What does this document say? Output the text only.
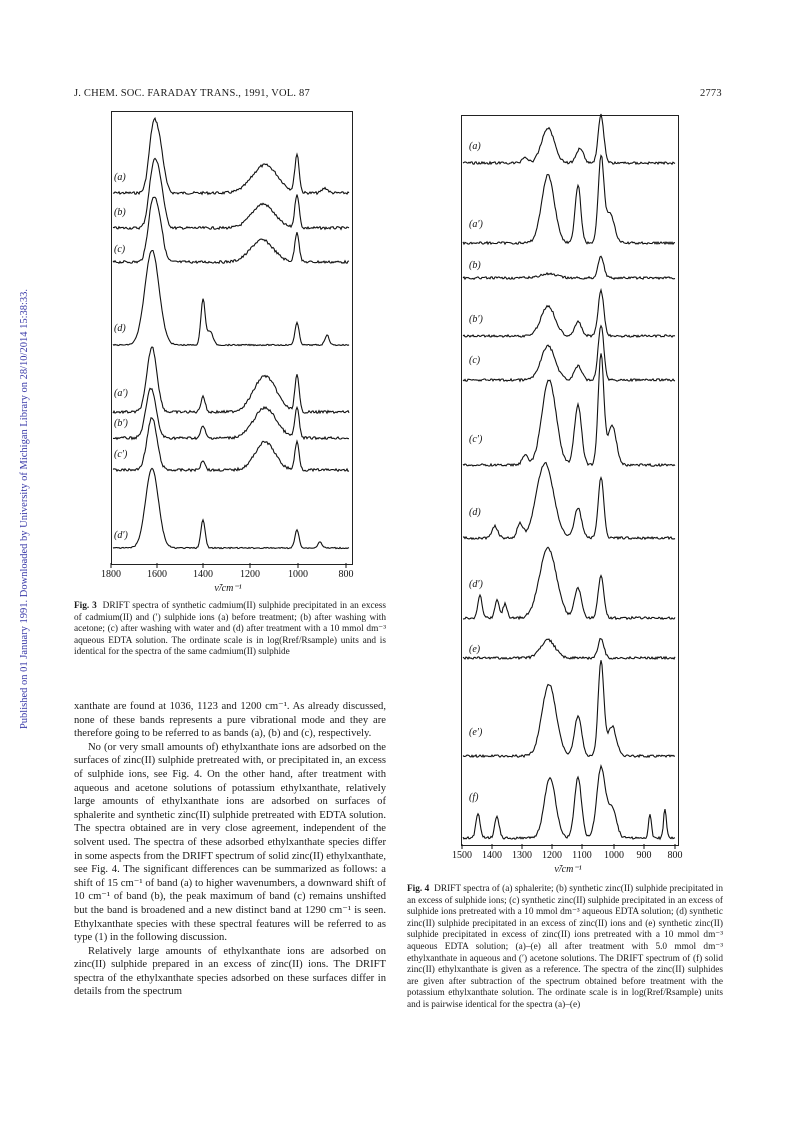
Published on 01 January 1991. Downloaded by University of Michigan Library on 28/10/2014 15:38:33.
J. CHEM. SOC. FARADAY TRANS., 1991, VOL. 87	2773
(a)
(b)
(c)
(d)
(a′)
(b′)
(c′)
(d′)
1800	1600	1400	1200	1000	800
ν̃/cm⁻¹
Fig. 3 DRIFT spectra of synthetic cadmium(II) sulphide precipitated in an excess of cadmium(II) and (′) sulphide ions (a) before treatment; (b) after washing with acetone; (c) after washing with water and (d) after treatment with a 10 mmol dm⁻³ aqueous EDTA solution. The ordinate scale is in log(Rref/Rsample) units and is identical for the spectra of the same cadmium(II) sulphide

xanthate are found at 1036, 1123 and 1200 cm⁻¹. As already discussed, none of these bands represents a pure vibrational mode and they are therefore going to be referred to as bands (a), (b) and (c), respectively.

No (or very small amounts of) ethylxanthate ions are adsorbed on the surfaces of zinc(II) sulphide pretreated with, or precipitated in, an excess of sulphide ions, see Fig. 4. On the other hand, after treatment with aqueous and acetone solutions of potassium ethylxanthate, relatively large amounts of ethylxanthate ions are adsorbed on surfaces of sphalerite and synthetic zinc(II) sulphide pretreated with EDTA solution. The spectra obtained are in very close agreement, independent of the solvent used. The spectra of these adsorbed ethylxanthate species differ in some aspects from the DRIFT spectrum of solid zinc(II) ethylxanthate, see Fig. 4. The significant differences can be summarized as follows: a shift of 15 cm⁻¹ of band (a) to higher wavenumbers, a downward shift of 10 cm⁻¹ of band (b), the peak maximum of band (c) remains unshifted but the band is broadened and a new distinct band at 1290 cm⁻¹ is seen. Ethylxanthate species with these spectral features will be referred to as type (1) in the following discussion.

Relatively large amounts of ethylxanthate ions are adsorbed on zinc(II) sulphide prepared in an excess of zinc(II) ions. The DRIFT spectra of the ethylxanthate species adsorbed on these surfaces differ in details from the spectrum

(a)
(a′)
(b)
(b′)
(c)
(c′)
(d)
(d′)
(e)
(e′)
(f)
1500 1400 1300 1200 1100 1000 900 800
ν̃/cm⁻¹
Fig. 4 DRIFT spectra of (a) sphalerite; (b) synthetic zinc(II) sulphide precipitated in an excess of sulphide ions; (c) synthetic zinc(II) sulphide precipitated in an excess of sulphide ions pretreated with a 10 mmol dm⁻³ aqueous EDTA solution; (d) synthetic zinc(II) sulphide precipitated in an excess of zinc(II) ions and (e) synthetic zinc(II) sulphide precipitated in excess of zinc(II) ions pretreated with a 10 mmol dm⁻³ aqueous EDTA solution; (a)–(e) all after treatment with 5.0 mmol dm⁻³ ethylxanthate in aqueous and (′) acetone solutions. The DRIFT spectrum of (f) solid zinc(II) ethylxanthate is given as a reference. The spectra of the zinc(II) sulphides are given after subtraction of the spectrum obtained before treatment with the potassium ethylxanthate solution. The ordinate scale is in log(Rref/Rsample) units and is pairwise identical for the spectra (a)–(e)
